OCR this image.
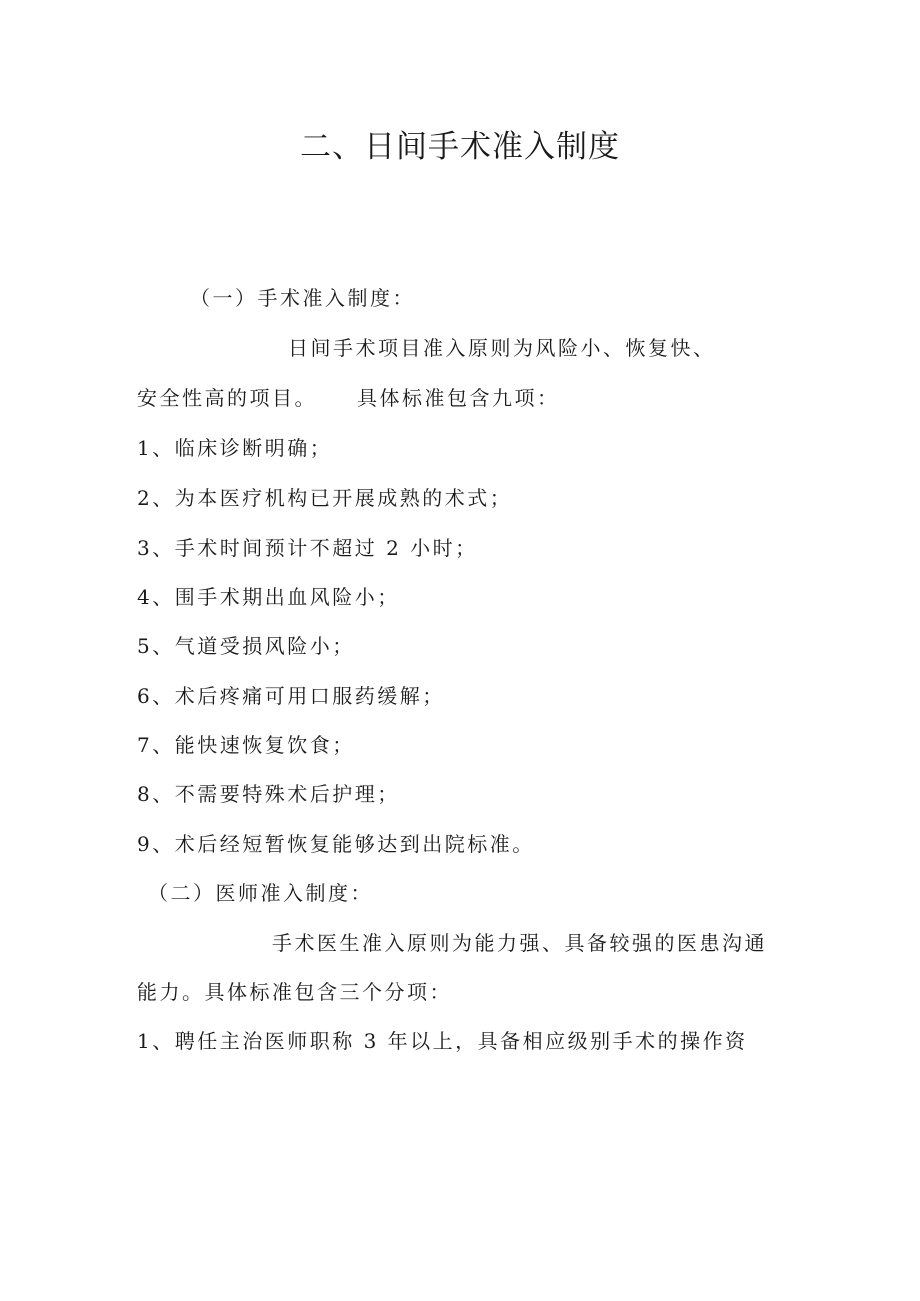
二、日间手术准入制度

（一）手术准入制度：

日间手术项目准入原则为风险小、恢复快、

安全性高的项目。 具体标准包含九项：

1、临床诊断明确；

2、为本医疗机构已开展成熟的术式；

3、手术时间预计不超过 2 小时；

4、围手术期出血风险小；

5、气道受损风险小；

6、术后疼痛可用口服药缓解；

7、能快速恢复饮食；

8、不需要特殊术后护理；

9、术后经短暂恢复能够达到出院标准。

（二）医师准入制度：

手术医生准入原则为能力强、具备较强的医患沟通

能力。具体标准包含三个分项：

1、聘任主治医师职称 3 年以上，具备相应级别手术的操作资
